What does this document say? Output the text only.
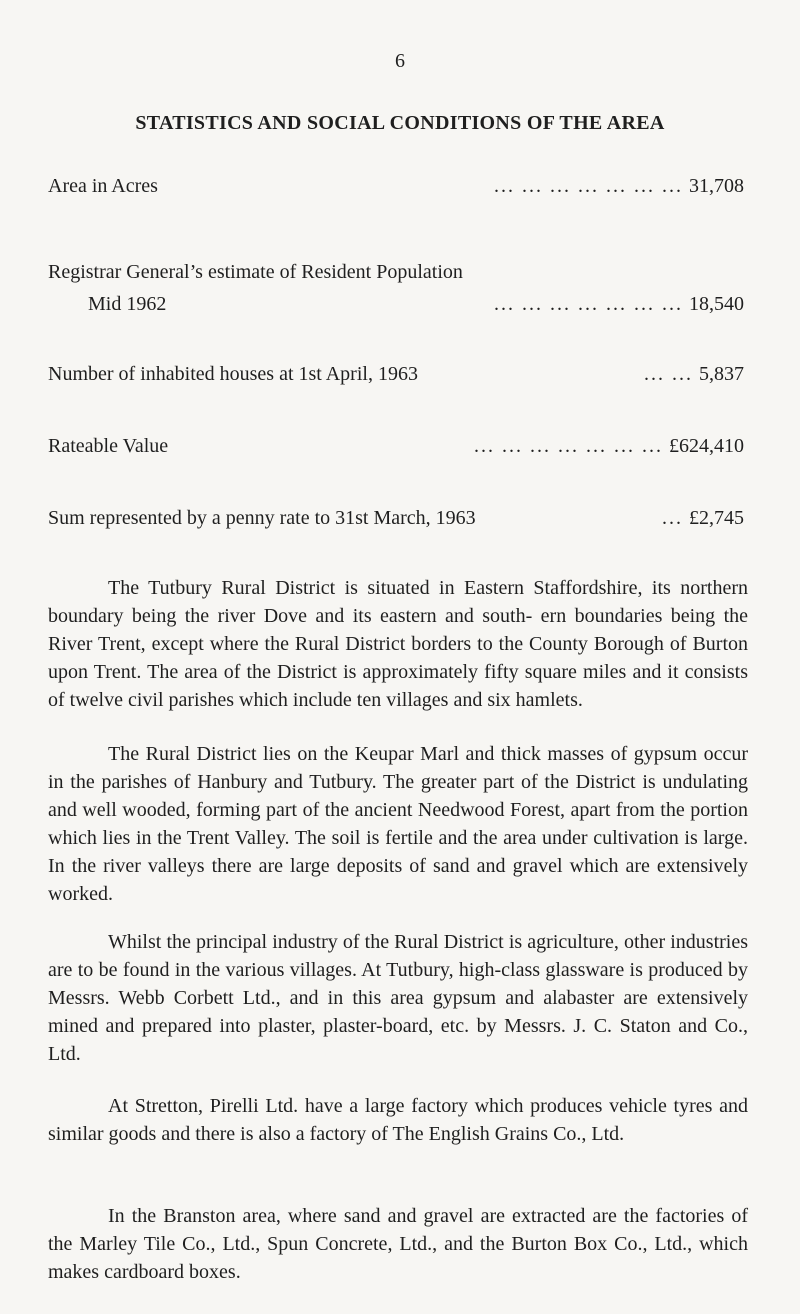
6
STATISTICS AND SOCIAL CONDITIONS OF THE AREA
Area in Acres	... ... ... ... ... ... ... 31,708
Registrar General’s estimate of Resident Population
Mid 1962	... ... ... ... ... ... ... 18,540
Number of inhabited houses at 1st April, 1963	... ... 5,837
Rateable Value	... ... ... ... ... ... ... £624,410
Sum represented by a penny rate to 31st March, 1963	... £2,745

The Tutbury Rural District is situated in Eastern Staffordshire, its northern boundary being the river Dove and its eastern and south- ern boundaries being the River Trent, except where the Rural District borders to the County Borough of Burton upon Trent. The area of the District is approximately fifty square miles and it consists of twelve civil parishes which include ten villages and six hamlets.

The Rural District lies on the Keupar Marl and thick masses of gypsum occur in the parishes of Hanbury and Tutbury. The greater part of the District is undulating and well wooded, forming part of the ancient Needwood Forest, apart from the portion which lies in the Trent Valley. The soil is fertile and the area under cultivation is large. In the river valleys there are large deposits of sand and gravel which are extensively worked.

Whilst the principal industry of the Rural District is agriculture, other industries are to be found in the various villages. At Tutbury, high-class glassware is produced by Messrs. Webb Corbett Ltd., and in this area gypsum and alabaster are extensively mined and prepared into plaster, plaster-board, etc. by Messrs. J. C. Staton and Co., Ltd.

At Stretton, Pirelli Ltd. have a large factory which produces vehicle tyres and similar goods and there is also a factory of The English Grains Co., Ltd.

In the Branston area, where sand and gravel are extracted are the factories of the Marley Tile Co., Ltd., Spun Concrete, Ltd., and the Burton Box Co., Ltd., which makes cardboard boxes.
